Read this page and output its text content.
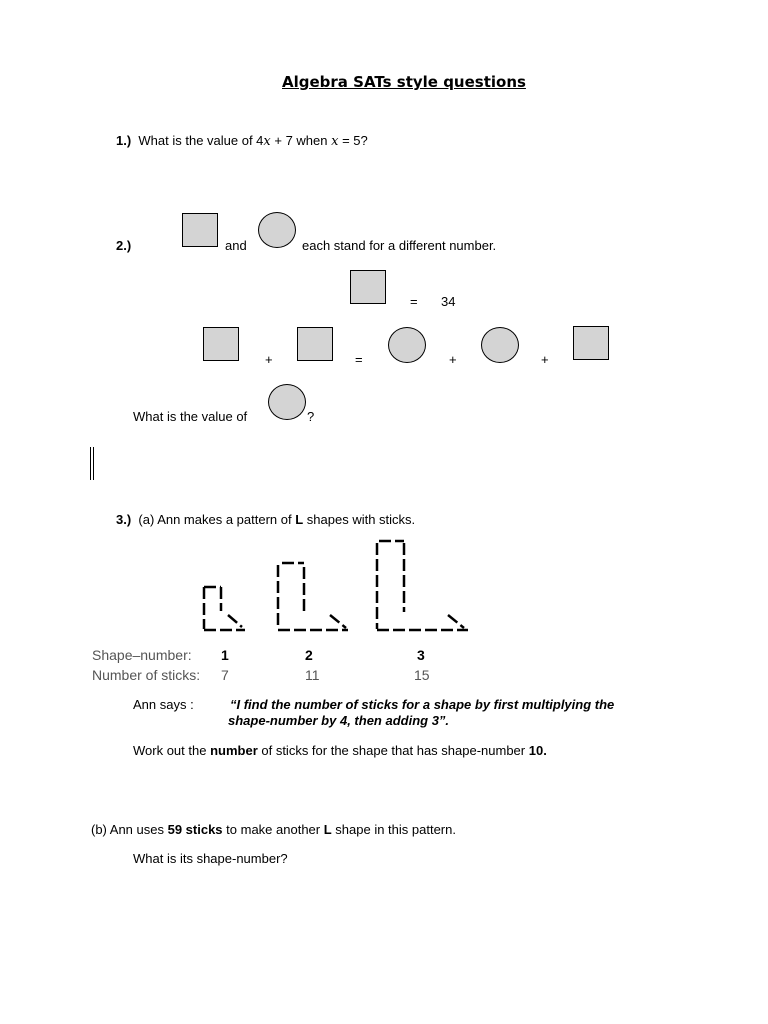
Algebra SATs style questions
1.) What is the value of 4x + 7 when x = 5?
2.)	and	each stand for a different number.
= 34
+	=	+	+
What is the value of	?
3.) (a) Ann makes a pattern of L shapes with sticks.
Shape–number: 1	2	3
Number of sticks: 7	11	15
Ann says :	“I find the number of sticks for a shape by first multiplying the
shape-number by 4, then adding 3”.
Work out the number of sticks for the shape that has shape-number 10.
(b) Ann uses 59 sticks to make another L shape in this pattern.
What is its shape-number?
